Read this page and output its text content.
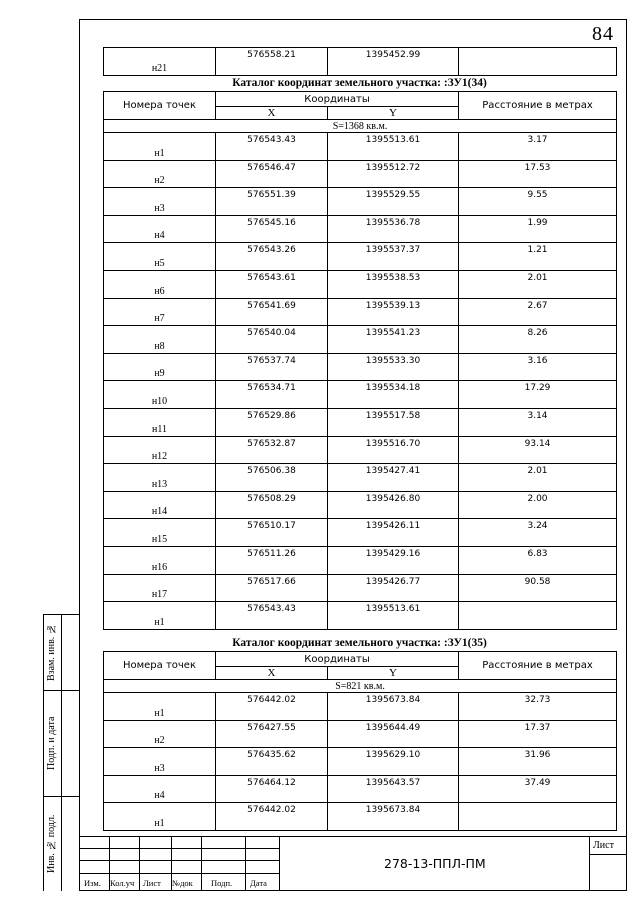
84
н21	576558.21	1395452.99	
Каталог координат земельного участка: :ЗУ1(34)
Номера точек	Координаты		Расстояние в метрах
	X	Y	
S=1368 кв.м.			
н1	576543.43	1395513.61	3.17
н2	576546.47	1395512.72	17.53
н3	576551.39	1395529.55	9.55
н4	576545.16	1395536.78	1.99
н5	576543.26	1395537.37	1.21
н6	576543.61	1395538.53	2.01
н7	576541.69	1395539.13	2.67
н8	576540.04	1395541.23	8.26
н9	576537.74	1395533.30	3.16
н10	576534.71	1395534.18	17.29
н11	576529.86	1395517.58	3.14
н12	576532.87	1395516.70	93.14
н13	576506.38	1395427.41	2.01
н14	576508.29	1395426.80	2.00
н15	576510.17	1395426.11	3.24
н16	576511.26	1395429.16	6.83
н17	576517.66	1395426.77	90.58
н1	576543.43	1395513.61	
Каталог координат земельного участка: :ЗУ1(35)
Номера точек	Координаты		Расстояние в метрах
	X	Y	
S=821 кв.м.			
н1	576442.02	1395673.84	32.73
н2	576427.55	1395644.49	17.37
н3	576435.62	1395629.10	31.96
н4	576464.12	1395643.57	37.49
н1	576442.02	1395673.84	
Взам. инв. №
Подп. и дата
Инв. № подл.
Изм. Кол.уч Лист №док Подп. Дата
Лист
278-13-ППЛ-ПМ
